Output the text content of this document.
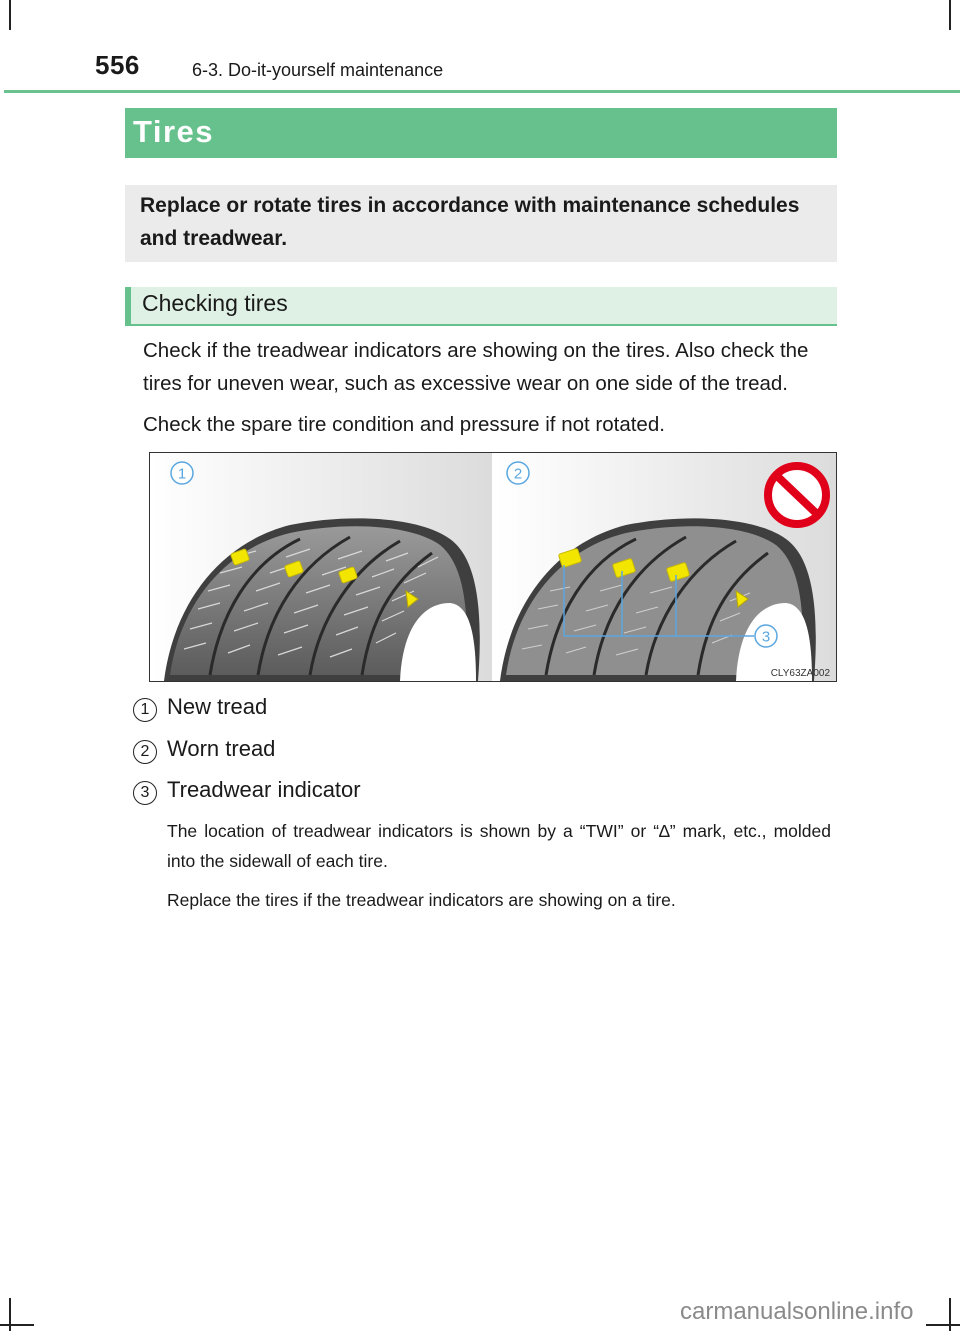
556	6-3. Do-it-yourself maintenance
Tires

Replace or rotate tires in accordance with maintenance schedules and treadwear.

Checking tires

Check if the treadwear indicators are showing on the tires. Also check the tires for uneven wear, such as excessive wear on one side of the tread.

Check the spare tire condition and pressure if not rotated.

1	2
3
CLY63ZA002
1 New tread
2 Worn tread
3 Treadwear indicator

The location of treadwear indicators is shown by a “TWI” or “∆” mark, etc., molded into the sidewall of each tire.

Replace the tires if the treadwear indicators are showing on a tire.

carmanualsonline.info
